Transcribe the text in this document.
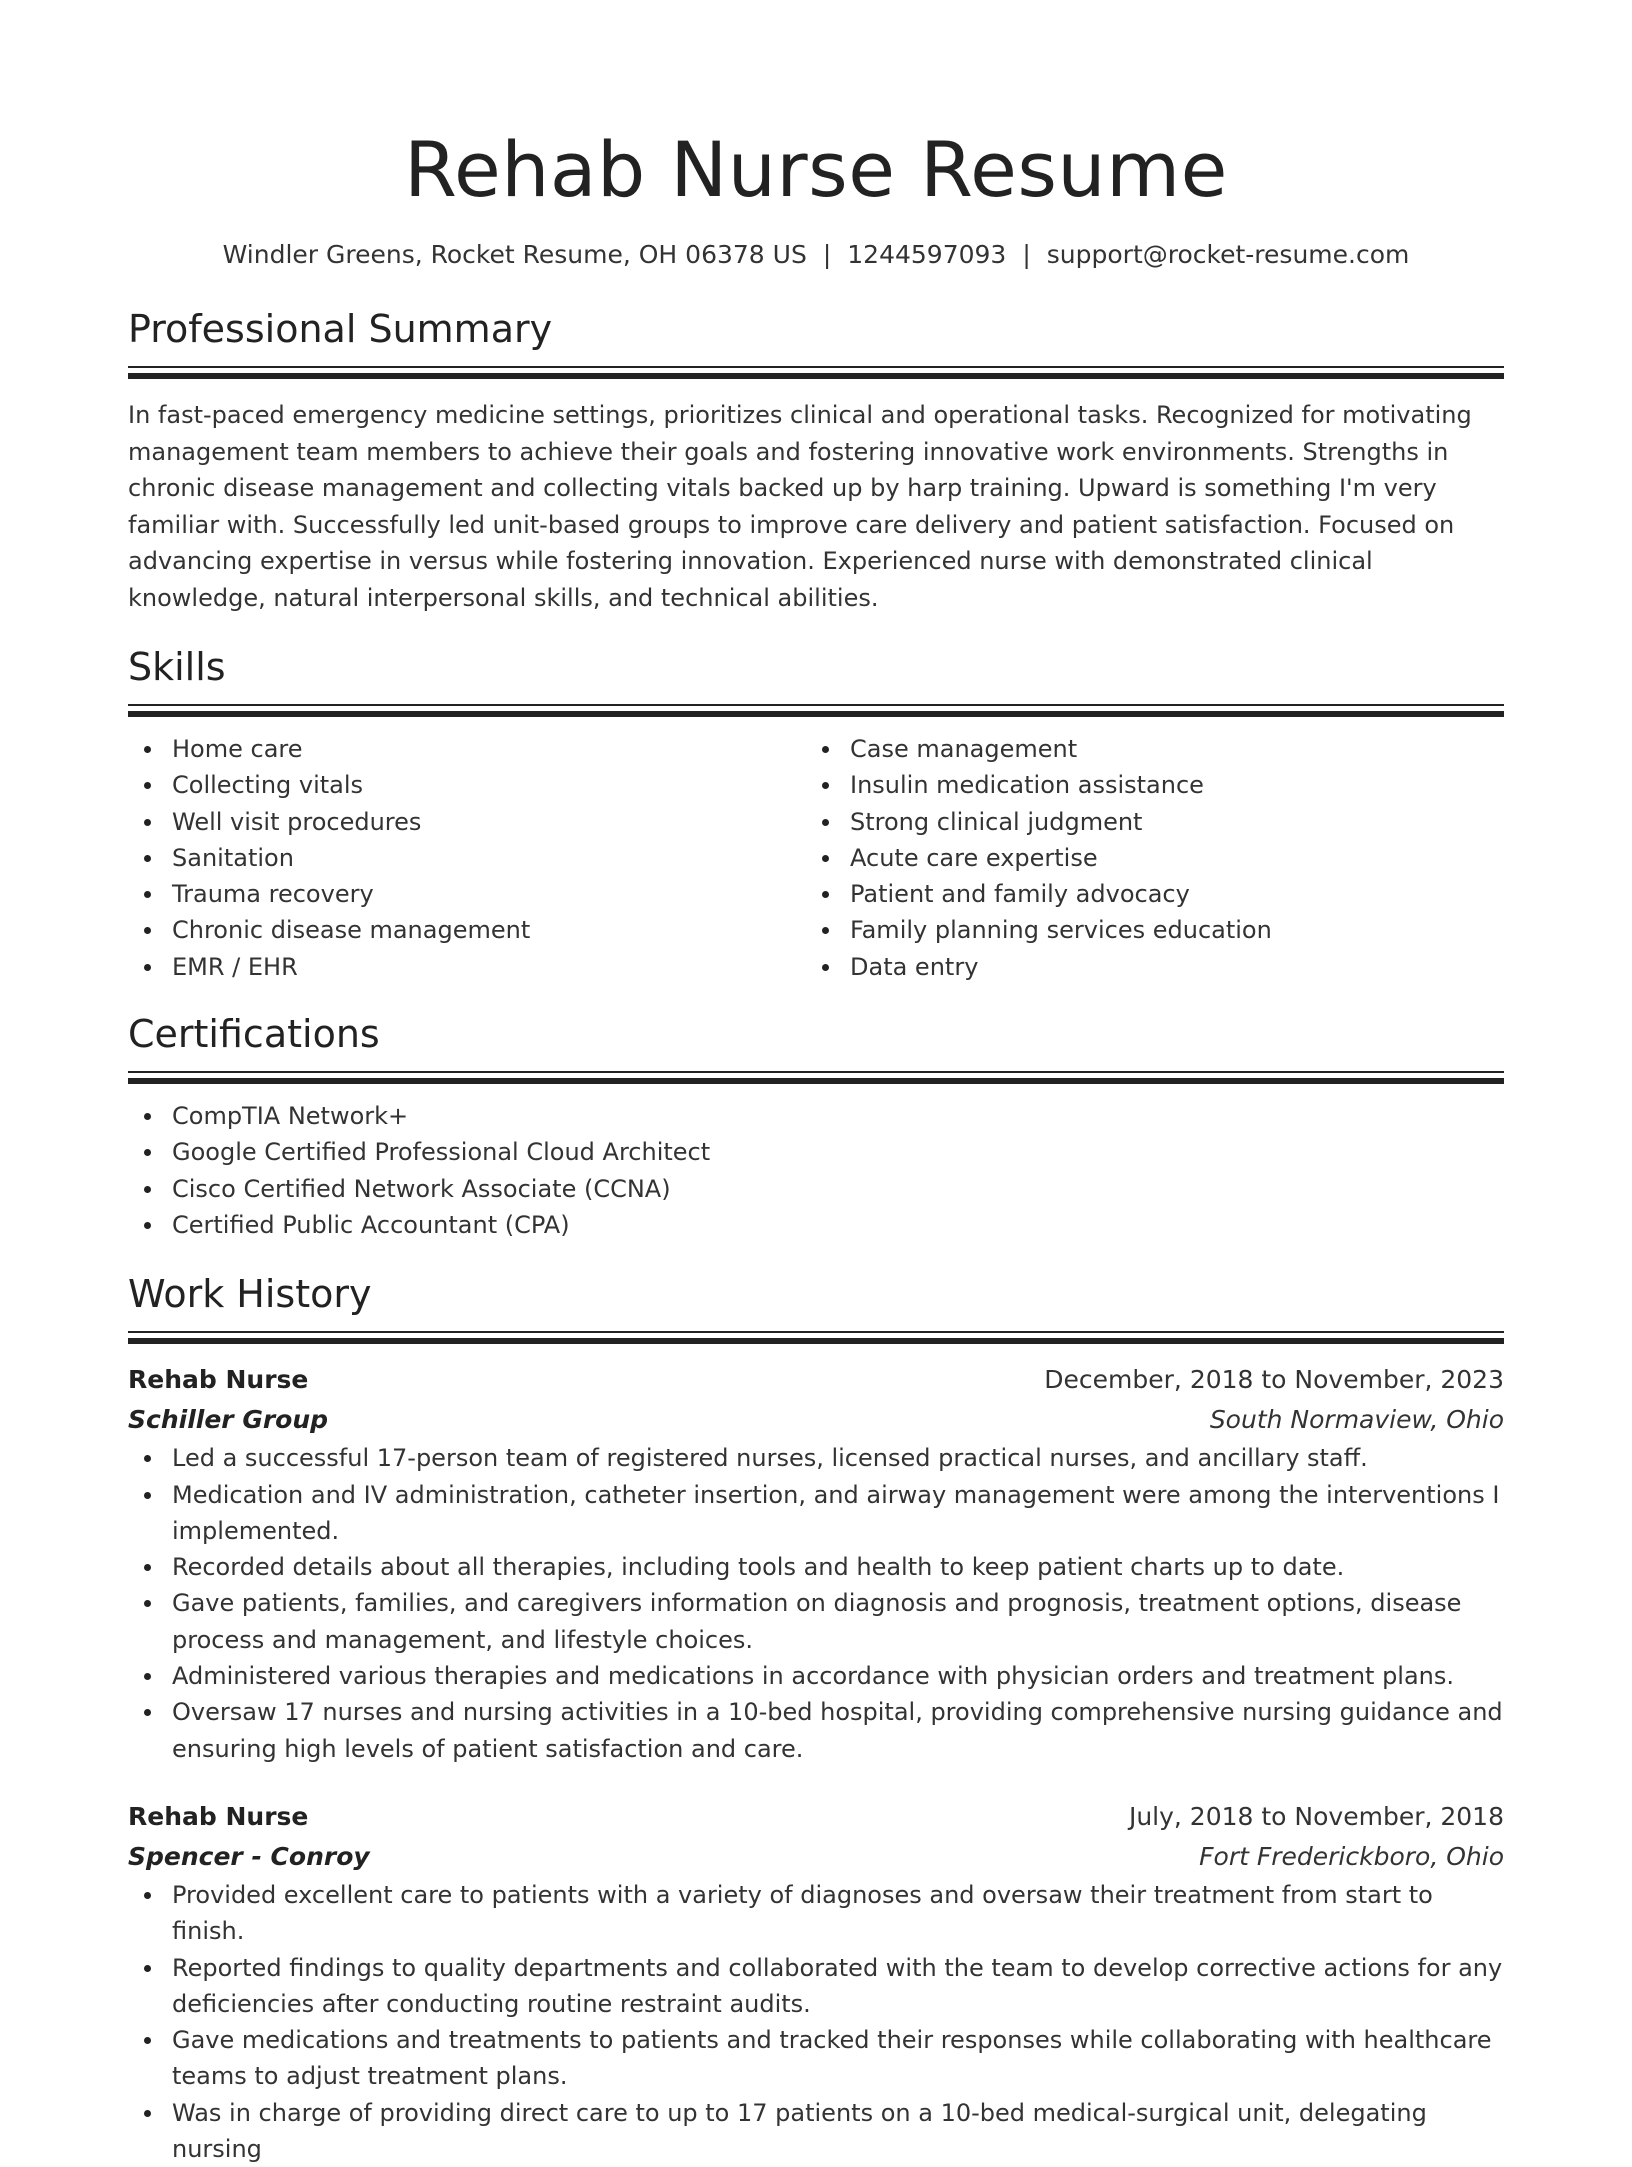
Rehab Nurse Resume
Windler Greens, Rocket Resume, OH 06378 US | 1244597093 | support@rocket-resume.com
Professional Summary

In fast-paced emergency medicine settings, prioritizes clinical and operational tasks. Recognized for motivating management team members to achieve their goals and fostering innovative work environments. Strengths in chronic disease management and collecting vitals backed up by harp training. Upward is something I'm very familiar with. Successfully led unit-based groups to improve care delivery and patient satisfaction. Focused on advancing expertise in versus while fostering innovation. Experienced nurse with demonstrated clinical knowledge, natural interpersonal skills, and technical abilities.

Skills
Home care
Collecting vitals
Well visit procedures
Sanitation
Trauma recovery
Chronic disease management
EMR / EHR
Case management
Insulin medication assistance
Strong clinical judgment
Acute care expertise
Patient and family advocacy
Family planning services education
Data entry
Certifications
CompTIA Network+
Google Certified Professional Cloud Architect
Cisco Certified Network Associate (CCNA)
Certified Public Accountant (CPA)
Work History
Rehab Nurse	December, 2018 to November, 2023
Schiller Group	South Normaview, Ohio
Led a successful 17-person team of registered nurses, licensed practical nurses, and ancillary staff.
Medication and IV administration, catheter insertion, and airway management were among the interventions I implemented.
Recorded details about all therapies, including tools and health to keep patient charts up to date.
Gave patients, families, and caregivers information on diagnosis and prognosis, treatment options, disease process and management, and lifestyle choices.
Administered various therapies and medications in accordance with physician orders and treatment plans.
Oversaw 17 nurses and nursing activities in a 10-bed hospital, providing comprehensive nursing guidance and ensuring high levels of patient satisfaction and care.
Rehab Nurse	July, 2018 to November, 2018
Spencer - Conroy	Fort Frederickboro, Ohio
Provided excellent care to patients with a variety of diagnoses and oversaw their treatment from start to finish.
Reported findings to quality departments and collaborated with the team to develop corrective actions for any deficiencies after conducting routine restraint audits.
Gave medications and treatments to patients and tracked their responses while collaborating with healthcare teams to adjust treatment plans.
Was in charge of providing direct care to up to 17 patients on a 10-bed medical-surgical unit, delegating nursing
